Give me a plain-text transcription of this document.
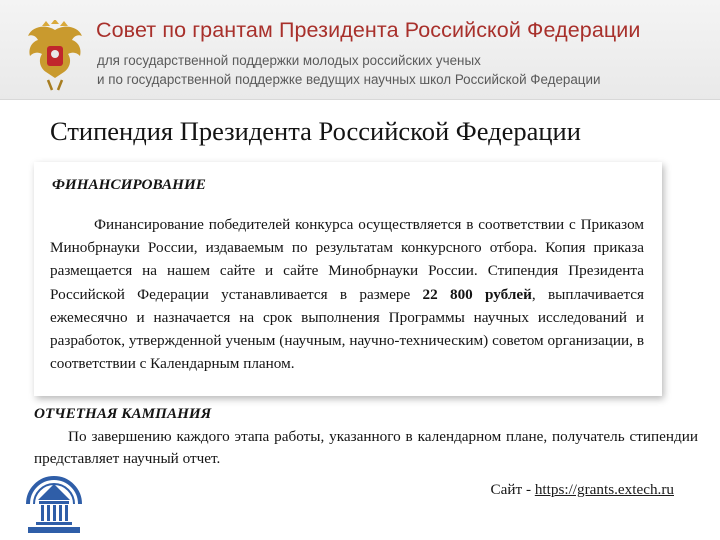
Совет по грантам Президента Российской Федерации
для государственной поддержки молодых российских ученых
и по государственной поддержке ведущих научных школ Российской Федерации
Стипендия Президента Российской Федерации
ФИНАНСИРОВАНИЕ
Финансирование победителей конкурса осуществляется в соответствии с Приказом Минобрнауки России, издаваемым по результатам конкурсного отбора. Копия приказа размещается на нашем сайте и сайте Минобрнауки России. Стипендия Президента Российской Федерации устанавливается в размере 22 800 рублей, выплачивается ежемесячно и назначается на срок выполнения Программы научных исследований и разработок, утвержденной ученым (научным, научно-техническим) советом организации, в соответствии с Календарным планом.
ОТЧЕТНАЯ КАМПАНИЯ
По завершению каждого этапа работы, указанного в календарном плане, получатель стипендии представляет научный отчет.
Сайт - https://grants.extech.ru
